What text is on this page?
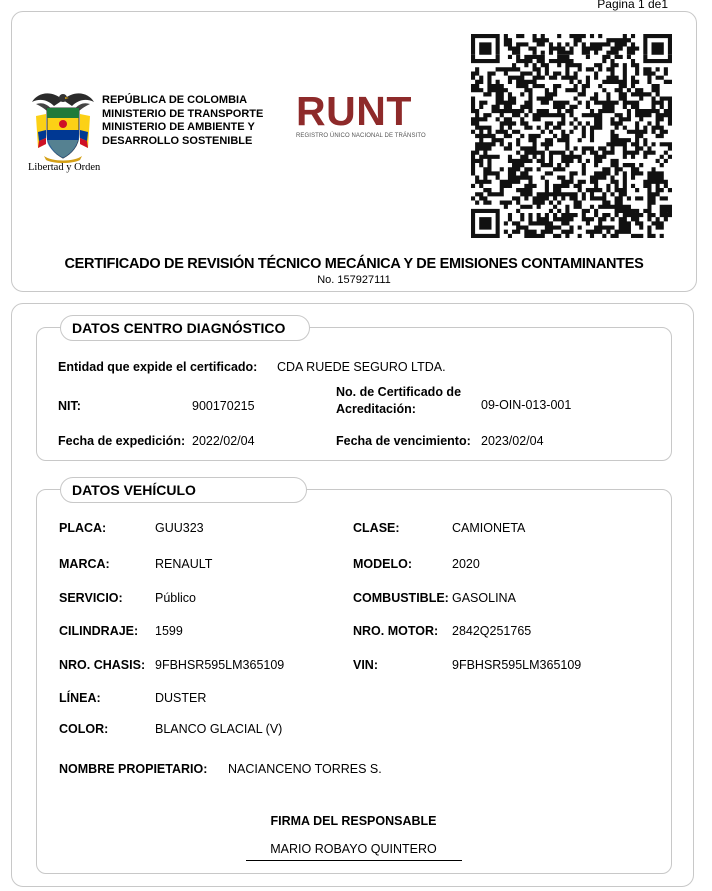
Pagina 1 de1
Libertad y Orden
REPÚBLICA DE COLOMBIA
MINISTERIO DE TRANSPORTE
MINISTERIO DE AMBIENTE Y
DESARROLLO SOSTENIBLE
RUNT
REGISTRO ÚNICO NACIONAL DE TRÁNSITO
CERTIFICADO DE REVISIÓN TÉCNICO MECÁNICA Y DE EMISIONES CONTAMINANTES
No. 157927111
DATOS CENTRO DIAGNÓSTICO
Entidad que expide el certificado: CDA RUEDE SEGURO LTDA.
NIT:	900170215
No. de Certificado de Acreditación:	09-OIN-013-001
Fecha de expedición: 2022/02/04	Fecha de vencimiento: 2023/02/04
DATOS VEHÍCULO
PLACA:	GUU323	CLASE:	CAMIONETA
MARCA:	RENAULT	MODELO:	2020
SERVICIO:	Público	COMBUSTIBLE: GASOLINA
CILINDRAJE: 1599	NRO. MOTOR: 2842Q251765
NRO. CHASIS: 9FBHSR595LM365109	VIN:	9FBHSR595LM365109
LÍNEA:	DUSTER
COLOR:	BLANCO GLACIAL (V)
NOMBRE PROPIETARIO: NACIANCENO TORRES S.
FIRMA DEL RESPONSABLE
MARIO ROBAYO QUINTERO
